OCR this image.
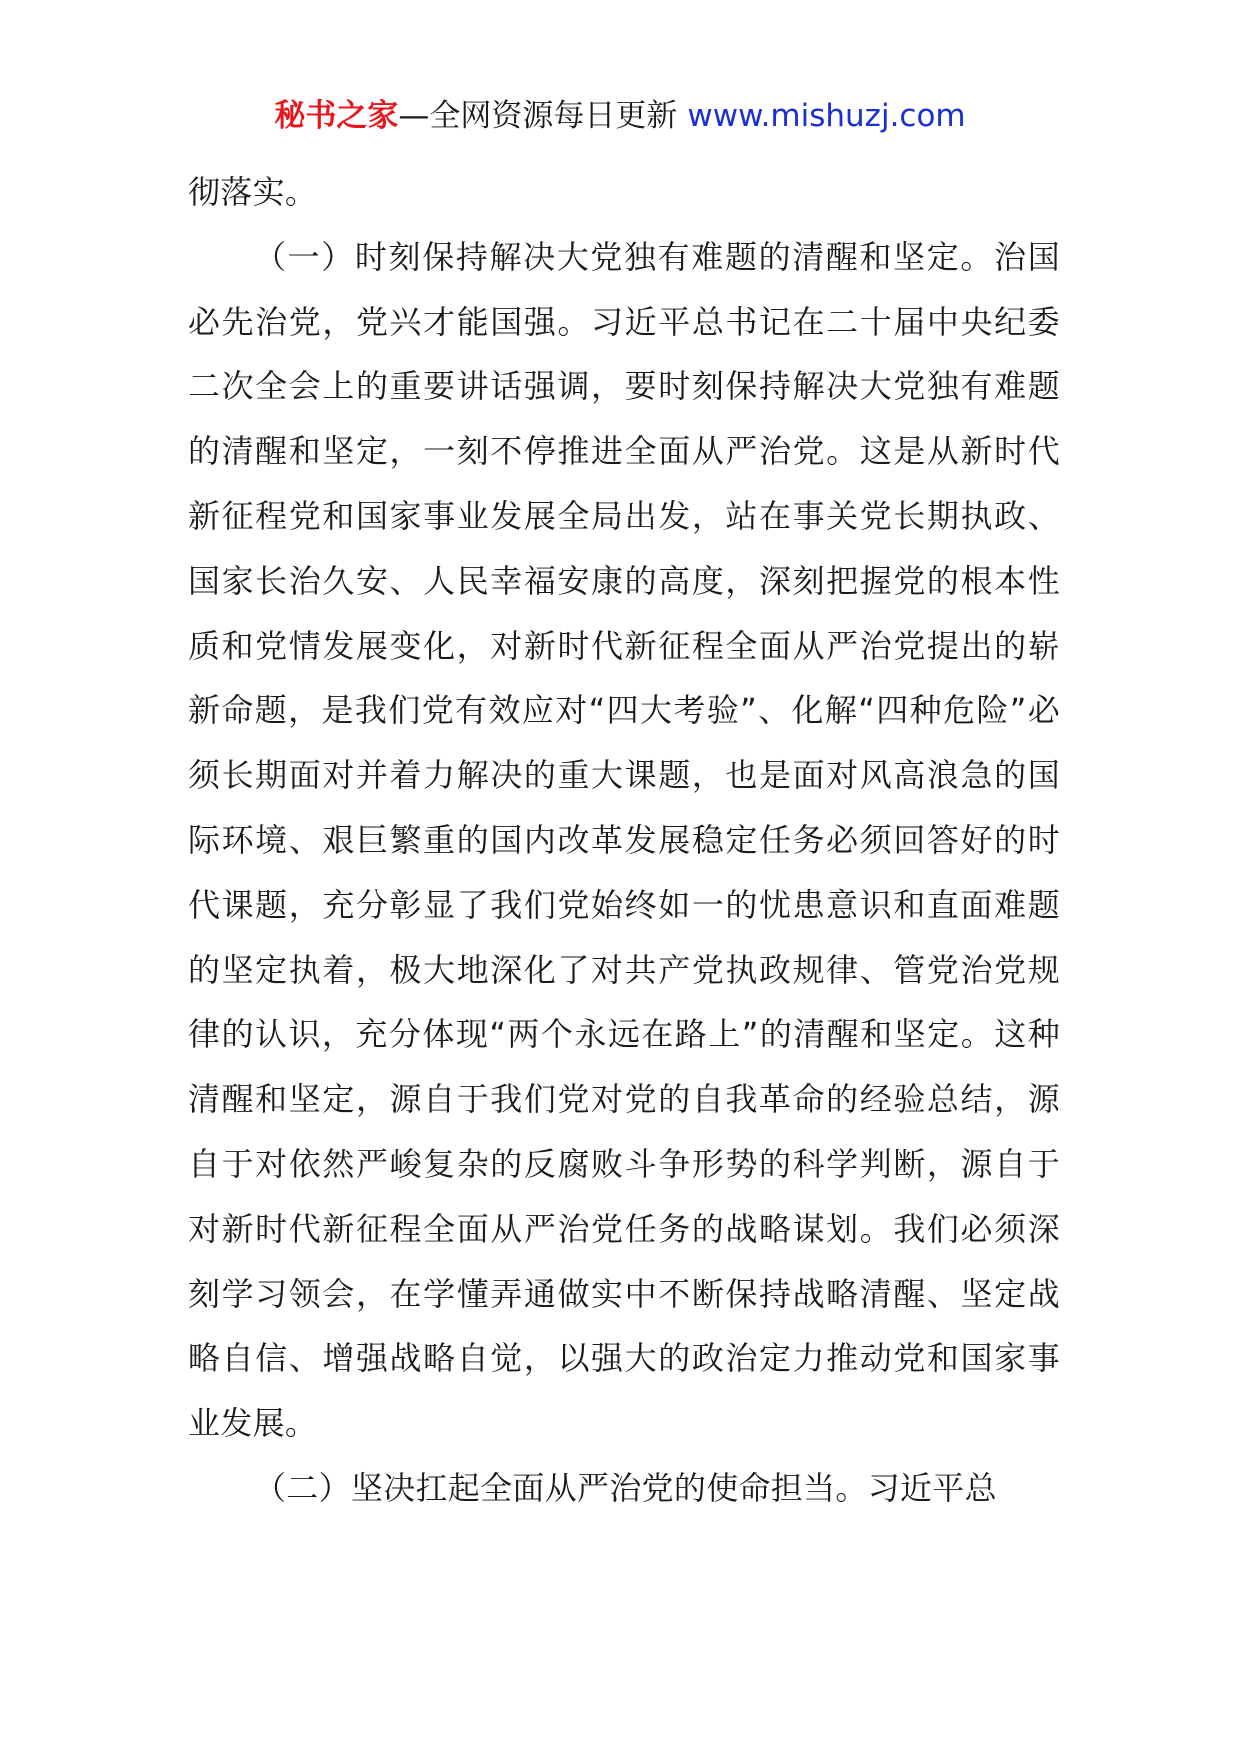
秘书之家—全网资源每日更新 www.mishuzj.com

彻落实。

（一）时刻保持解决大党独有难题的清醒和坚定。治国必先治党，党兴才能国强。习近平总书记在二十届中央纪委二次全会上的重要讲话强调，要时刻保持解决大党独有难题的清醒和坚定，一刻不停推进全面从严治党。这是从新时代新征程党和国家事业发展全局出发，站在事关党长期执政、国家长治久安、人民幸福安康的高度，深刻把握党的根本性质和党情发展变化，对新时代新征程全面从严治党提出的崭新命题，是我们党有效应对“四大考验”、化解“四种危险”必须长期面对并着力解决的重大课题，也是面对风高浪急的国际环境、艰巨繁重的国内改革发展稳定任务必须回答好的时代课题，充分彰显了我们党始终如一的忧患意识和直面难题的坚定执着，极大地深化了对共产党执政规律、管党治党规律的认识，充分体现“两个永远在路上”的清醒和坚定。这种清醒和坚定，源自于我们党对党的自我革命的经验总结，源自于对依然严峻复杂的反腐败斗争形势的科学判断，源自于对新时代新征程全面从严治党任务的战略谋划。我们必须深刻学习领会，在学懂弄通做实中不断保持战略清醒、坚定战略自信、增强战略自觉，以强大的政治定力推动党和国家事业发展。

（二）坚决扛起全面从严治党的使命担当。习近平总
